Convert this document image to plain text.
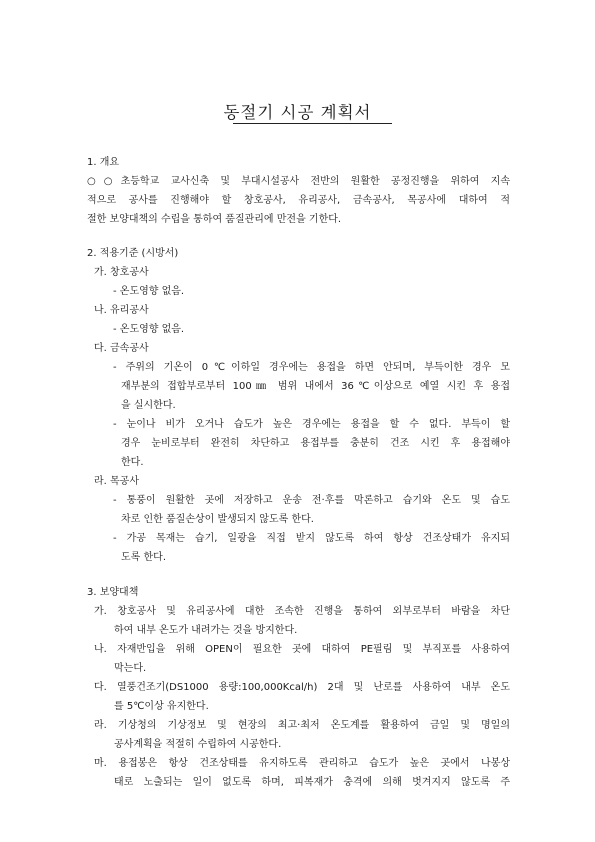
동절기 시공 계획서
1. 개요
○○초등학교 교사신축 및 부대시설공사 전반의 원활한 공정진행을 위하여 지속
적으로 공사를 진행해야 할 창호공사, 유리공사, 금속공사, 목공사에 대하여 적
절한 보양대책의 수립을 통하여 품질관리에 만전을 기한다.
2. 적용기준 (시방서)
가. 창호공사
- 온도영향 없음.
나. 유리공사
- 온도영향 없음.
다. 금속공사
- 주위의 기온이 0℃이하일 경우에는 용접을 하면 안되며, 부득이한 경우 모
재부분의 접합부로부터 100㎜ 범위 내에서 36℃이상으로 예열 시킨 후 용접
을 실시한다.
- 눈이나 비가 오거나 습도가 높은 경우에는 용접을 할 수 없다. 부득이 할
경우 눈비로부터 완전히 차단하고 용접부를 충분히 건조 시킨 후 용접해야
한다.
라. 목공사
- 통풍이 원활한 곳에 저장하고 운송 전·후를 막론하고 습기와 온도 및 습도
차로 인한 품질손상이 발생되지 않도록 한다.
- 가공 목재는 습기, 일광을 직접 받지 않도록 하여 항상 건조상태가 유지되
도록 한다.
3. 보양대책
가. 창호공사 및 유리공사에 대한 조속한 진행을 통하여 외부로부터 바람을 차단
하여 내부 온도가 내려가는 것을 방지한다.
나. 자재반입을 위해 OPEN이 필요한 곳에 대하여 PE필림 및 부직포를 사용하여
막는다.
다. 열풍건조기(DS1000 용량:100,000Kcal/h) 2대 및 난로를 사용하여 내부 온도
를 5℃이상 유지한다.
라. 기상청의 기상정보 및 현장의 최고·최저 온도계를 활용하여 금일 및 명일의
공사계획을 적절히 수립하여 시공한다.
마. 용접봉은 항상 건조상태를 유지하도록 관리하고 습도가 높은 곳에서 나봉상
태로 노출되는 일이 없도록 하며, 피복재가 충격에 의해 벗겨지지 않도록 주
